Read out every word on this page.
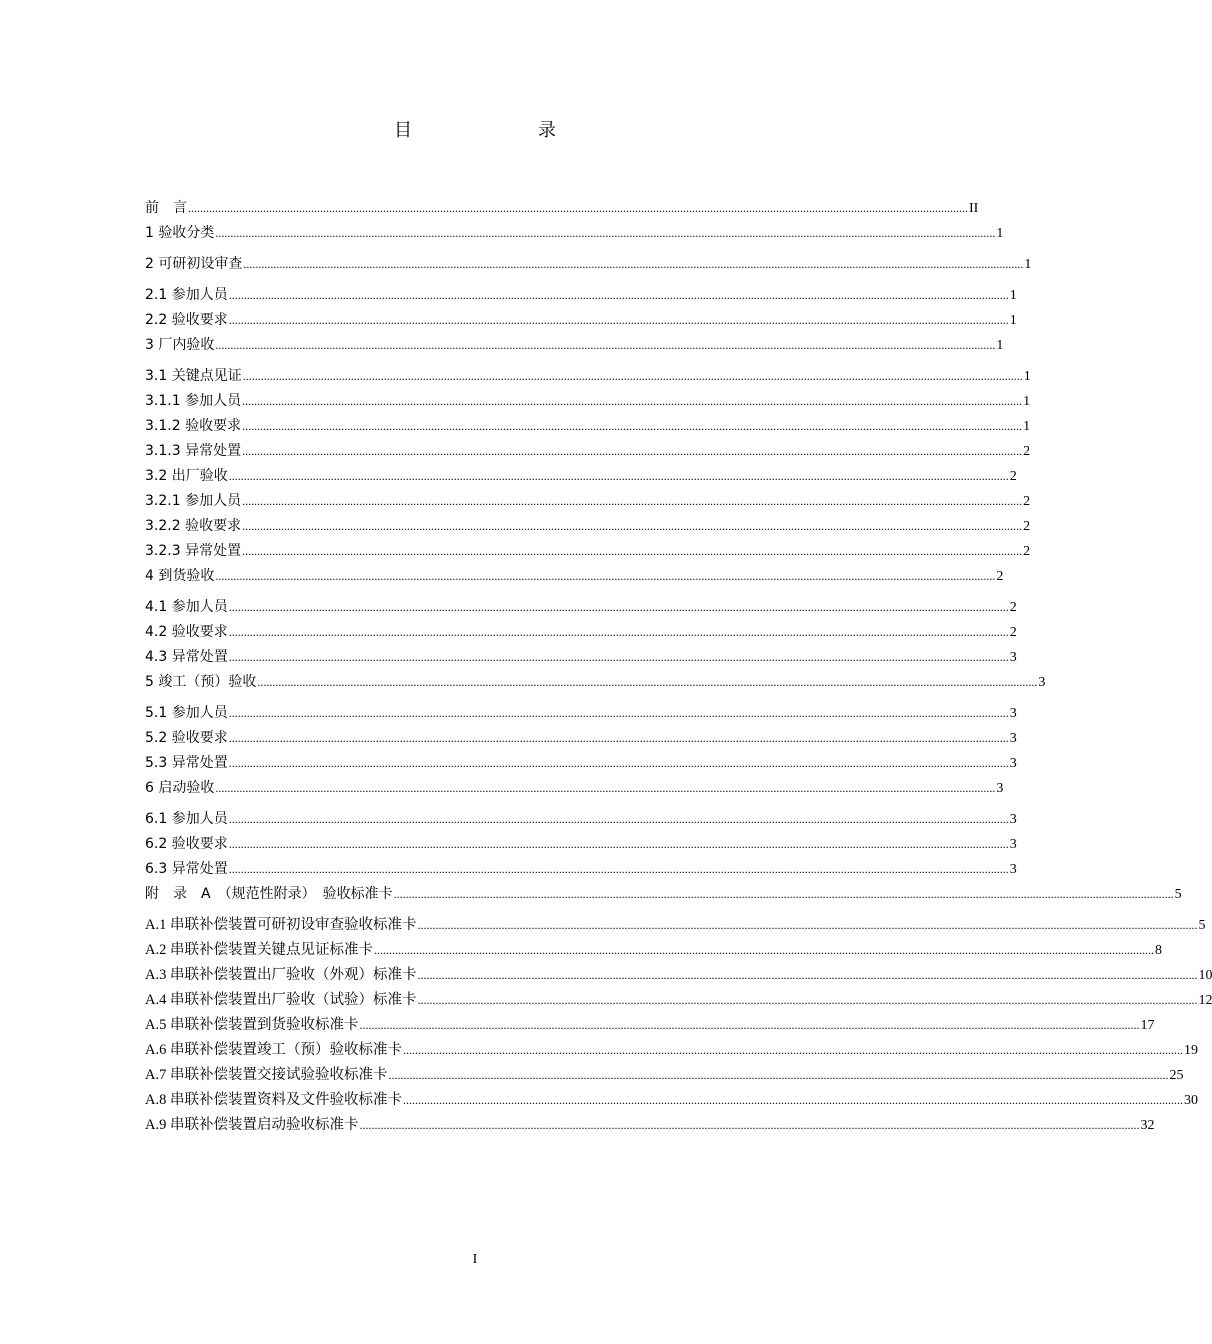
目　　录
前　言 .................................................................................................................................................................................................................................................................... II
1 验收分类 .................................................................................................................................................................................................................................................................... 1
2 可研初设审查 .................................................................................................................................................................................................................................................................... 1
2.1 参加人员 .................................................................................................................................................................................................................................................................... 1
2.2 验收要求 .................................................................................................................................................................................................................................................................... 1
3 厂内验收 .................................................................................................................................................................................................................................................................... 1
3.1 关键点见证 .................................................................................................................................................................................................................................................................... 1
3.1.1 参加人员 .................................................................................................................................................................................................................................................................... 1
3.1.2 验收要求 .................................................................................................................................................................................................................................................................... 1
3.1.3 异常处置 .................................................................................................................................................................................................................................................................... 2
3.2 出厂验收 .................................................................................................................................................................................................................................................................... 2
3.2.1 参加人员 .................................................................................................................................................................................................................................................................... 2
3.2.2 验收要求 .................................................................................................................................................................................................................................................................... 2
3.2.3 异常处置 .................................................................................................................................................................................................................................................................... 2
4 到货验收 .................................................................................................................................................................................................................................................................... 2
4.1 参加人员 .................................................................................................................................................................................................................................................................... 2
4.2 验收要求 .................................................................................................................................................................................................................................................................... 2
4.3 异常处置 .................................................................................................................................................................................................................................................................... 3
5 竣工（预）验收 .................................................................................................................................................................................................................................................................... 3
5.1 参加人员 .................................................................................................................................................................................................................................................................... 3
5.2 验收要求 .................................................................................................................................................................................................................................................................... 3
5.3 异常处置 .................................................................................................................................................................................................................................................................... 3
6 启动验收 .................................................................................................................................................................................................................................................................... 3
6.1 参加人员 .................................................................................................................................................................................................................................................................... 3
6.2 验收要求 .................................................................................................................................................................................................................................................................... 3
6.3 异常处置 .................................................................................................................................................................................................................................................................... 3
附　录　A　（规范性附录）　验收标准卡 .................................................................................................................................................................................................................................................................... 5
A.1 串联补偿装置可研初设审查验收标准卡 .................................................................................................................................................................................................................................................................... 5
A.2 串联补偿装置关键点见证标准卡 .................................................................................................................................................................................................................................................................... 8
A.3 串联补偿装置出厂验收（外观）标准卡 .................................................................................................................................................................................................................................................................... 10
A.4 串联补偿装置出厂验收（试验）标准卡 .................................................................................................................................................................................................................................................................... 12
A.5 串联补偿装置到货验收标准卡 .................................................................................................................................................................................................................................................................... 17
A.6 串联补偿装置竣工（预）验收标准卡 .................................................................................................................................................................................................................................................................... 19
A.7 串联补偿装置交接试验验收标准卡 .................................................................................................................................................................................................................................................................... 25
A.8 串联补偿装置资料及文件验收标准卡 .................................................................................................................................................................................................................................................................... 30
A.9 串联补偿装置启动验收标准卡 .................................................................................................................................................................................................................................................................... 32
I
